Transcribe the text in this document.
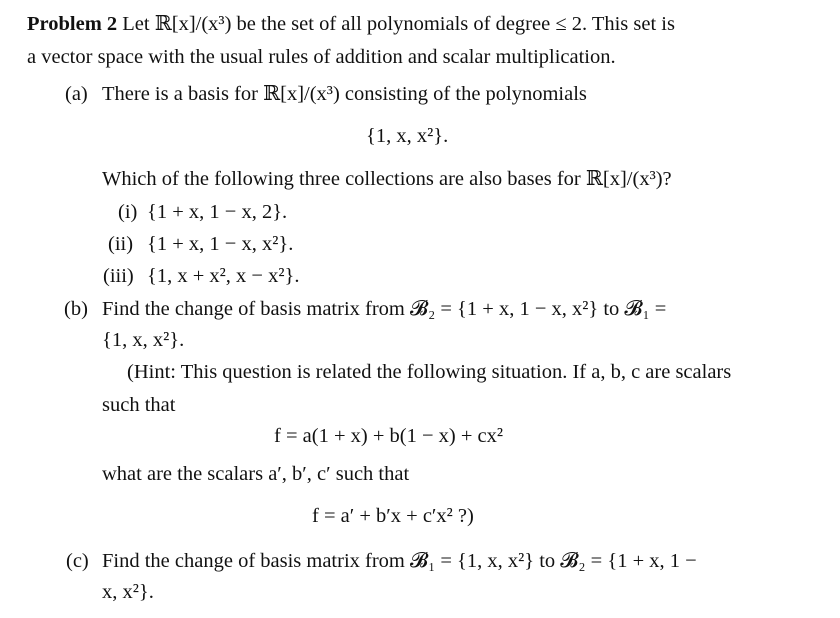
Problem 2 Let ℝ[x]/(x³) be the set of all polynomials of degree ≤ 2. This set is
a vector space with the usual rules of addition and scalar multiplication.
(a) There is a basis for ℝ[x]/(x³) consisting of the polynomials
{1, x, x²}.
Which of the following three collections are also bases for ℝ[x]/(x³)?
(i) {1 + x, 1 − x, 2}.
(ii) {1 + x, 1 − x, x²}.
(iii) {1, x + x², x − x²}.
(b) Find the change of basis matrix from 𝓑₂ = {1 + x, 1 − x, x²} to 𝓑₁ =
{1, x, x²}.
(Hint: This question is related the following situation. If a, b, c are scalars
such that
f = a(1 + x) + b(1 − x) + cx²
what are the scalars a′, b′, c′ such that
f = a′ + b′x + c′x² ?)
(c) Find the change of basis matrix from 𝓑₁ = {1, x, x²} to 𝓑₂ = {1 + x, 1 −
x, x²}.
